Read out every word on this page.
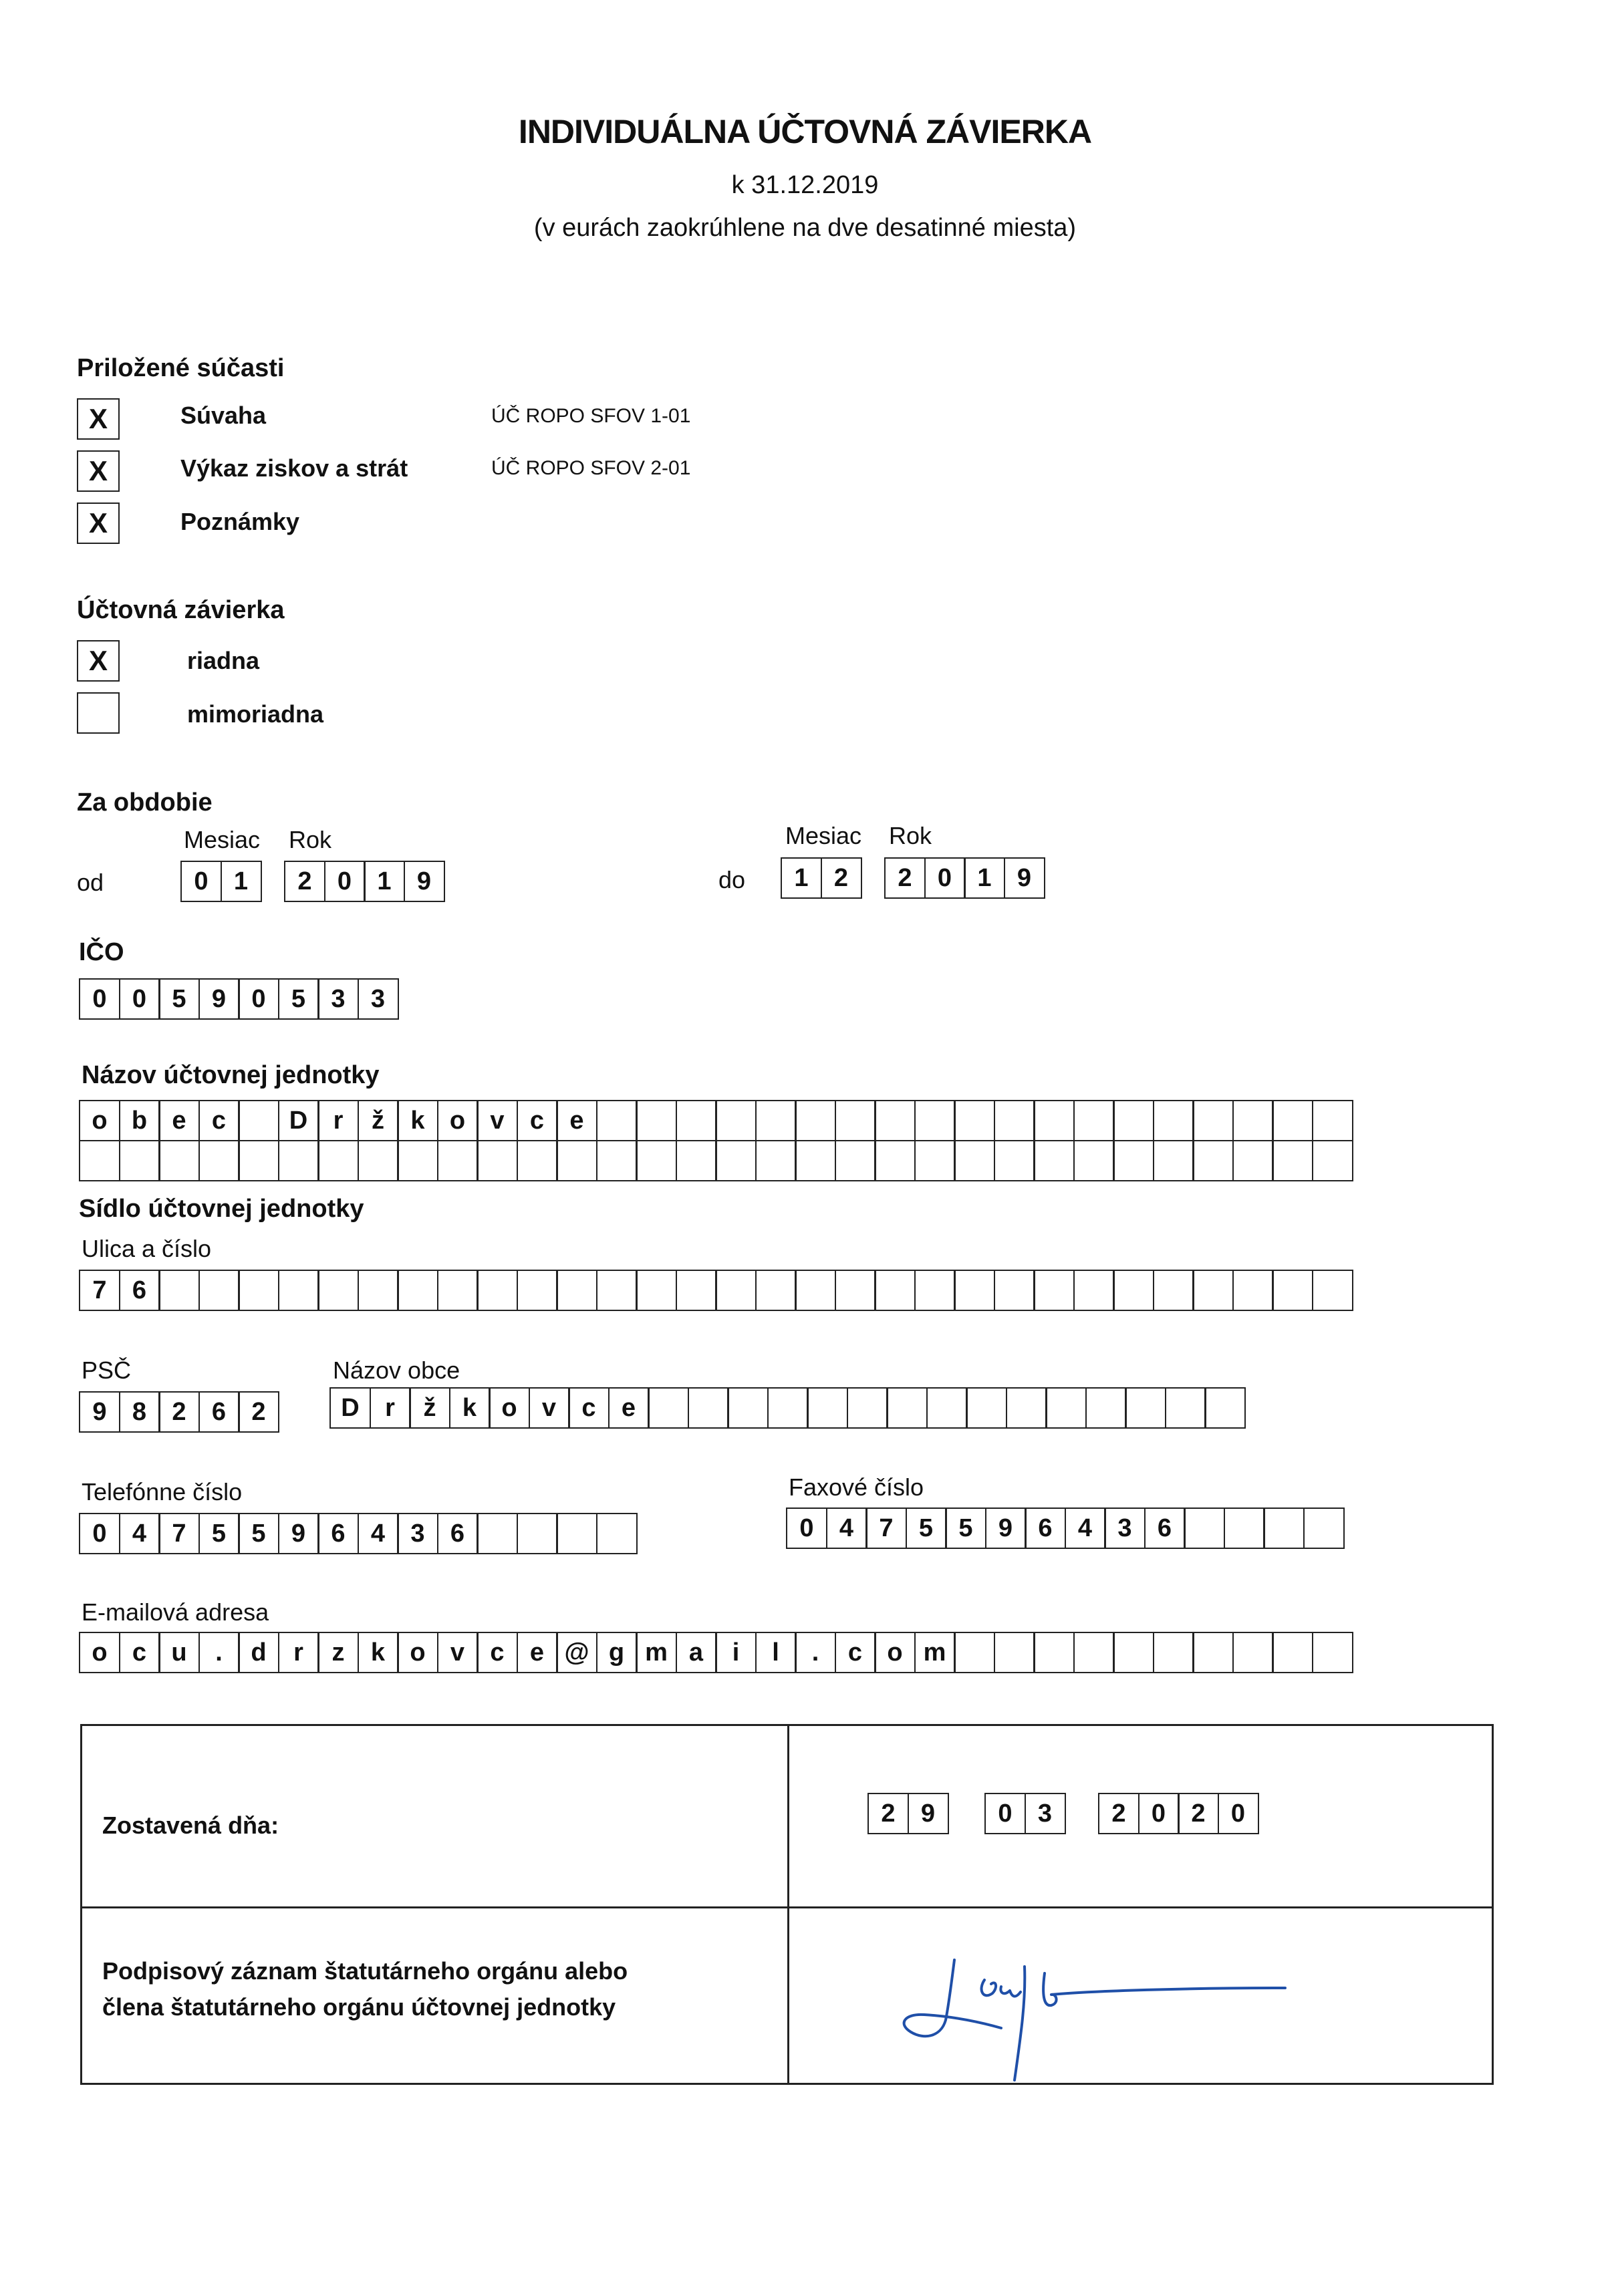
INDIVIDUÁLNA ÚČTOVNÁ ZÁVIERKA
k 31.12.2019
(v eurách zaokrúhlene na dve desatinné miesta)
Priložené súčasti
X	Súvaha	ÚČ ROPO SFOV 1-01
X	Výkaz ziskov a strát	ÚČ ROPO SFOV 2-01
X	Poznámky
Účtovná závierka
X	riadna
mimoriadna
Za obdobie
Mesiac Rok	Mesiac Rok
od	0	1	2	0	1	9	do	1	2	2	0	1	9
IČO
0	0	5	9	0	5	3	3
Názov účtovnej jednotky
o b e	c	D	r	ž	k o v	c	e
Sídlo účtovnej jednotky
Ulica a číslo
7	6
PSČ
9	8	2	6	2
Názov obce
D	r	ž	k o v	c	e
Telefónne číslo
0	4	7	5	5	9	6	4	3	6
Faxové číslo
0	4	7	5	5	9	6	4	3	6
E-mailová adresa
o c u	.	d	r	z	k o v	c	e @ g m a	i	l	.	c o m
Zostavená dňa:	2	9	0	3	2	0	2	0
Podpisový záznam štatutárneho orgánu alebo
člena štatutárneho orgánu účtovnej jednotky
